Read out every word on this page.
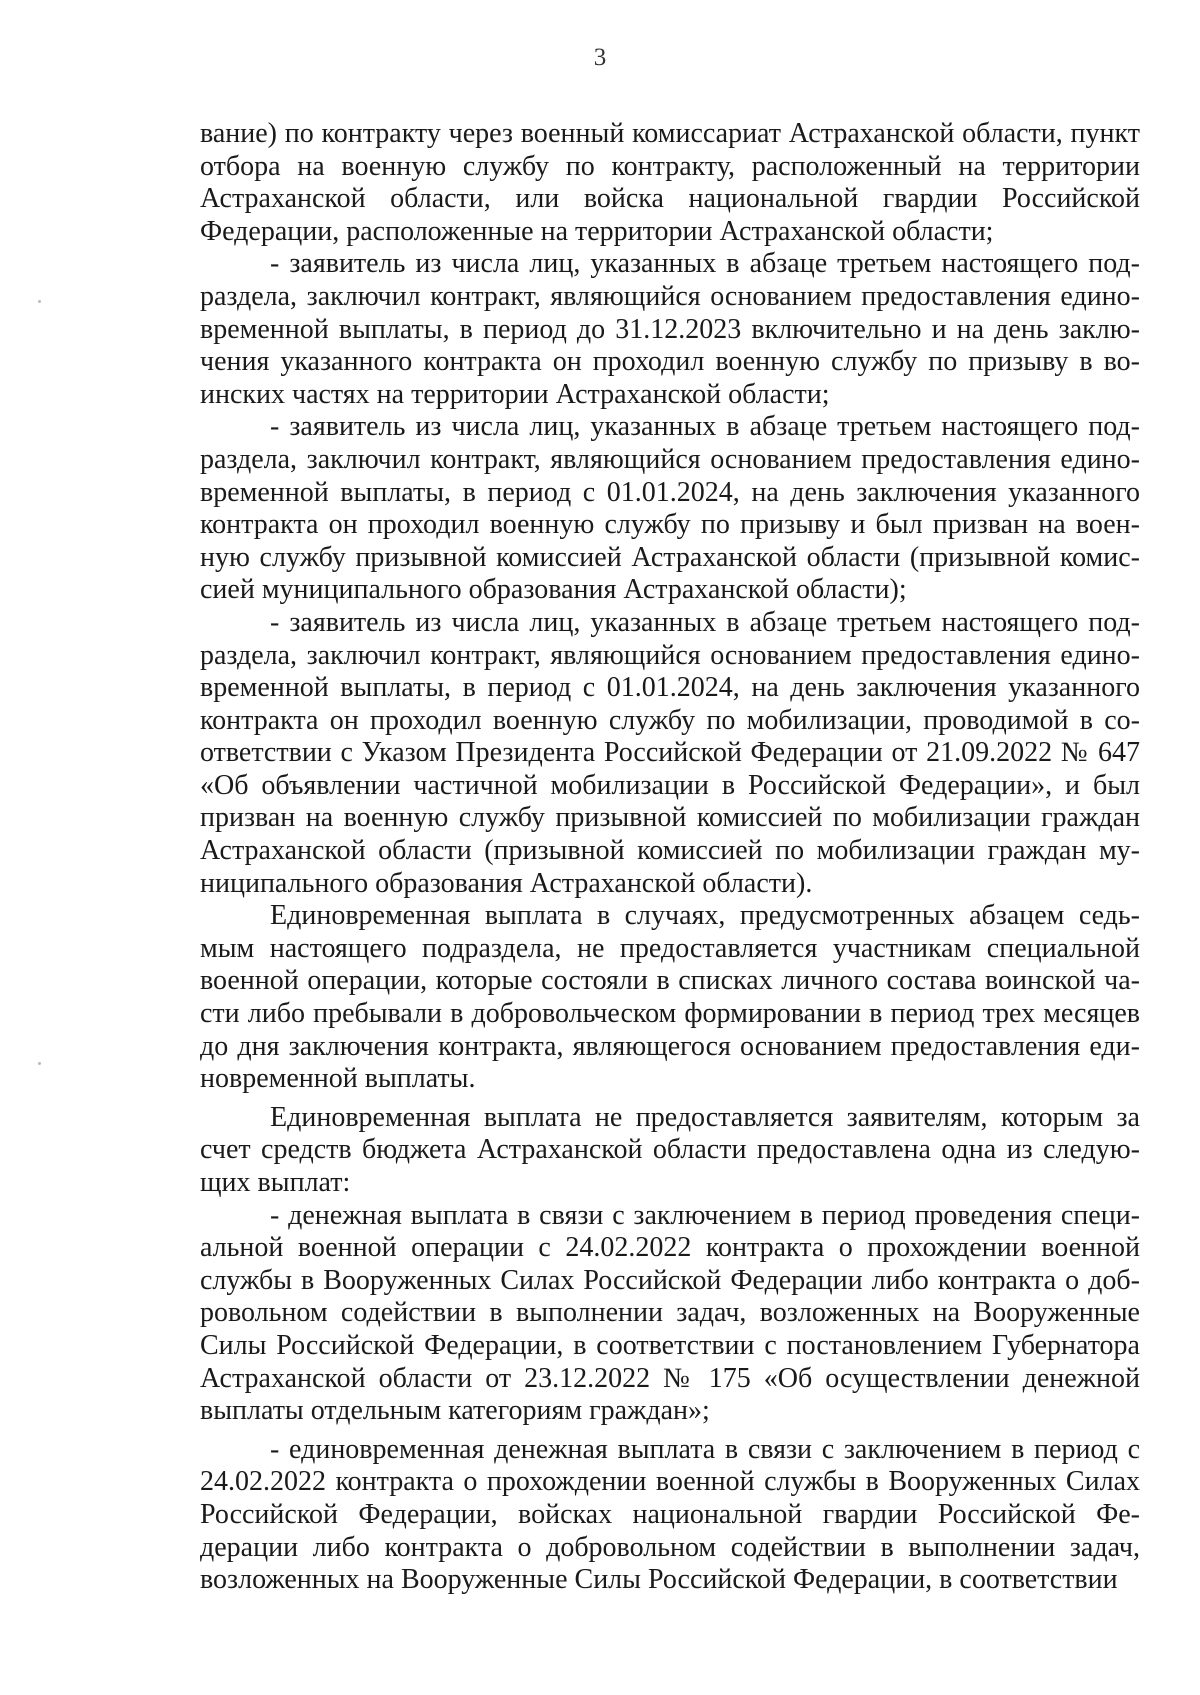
3

вание) по контракту через военный комиссариат Астраханской области, пункт отбора на военную службу по контракту, расположенный на территории Астраханской области, или войска национальной гвардии Российской Федерации, расположенные на территории Астраханской области;

- заявитель из числа лиц, указанных в абзаце третьем настоящего подраздела, заключил контракт, являющийся основанием предоставления единовременной выплаты, в период до 31.12.2023 включительно и на день заключения указанного контракта он проходил военную службу по призыву в воинских частях на территории Астраханской области;

- заявитель из числа лиц, указанных в абзаце третьем настоящего подраздела, заключил контракт, являющийся основанием предоставления единовременной выплаты, в период с 01.01.2024, на день заключения указанного контракта он проходил военную службу по призыву и был призван на военную службу призывной комиссией Астраханской области (призывной комиссией муниципального образования Астраханской области);

- заявитель из числа лиц, указанных в абзаце третьем настоящего подраздела, заключил контракт, являющийся основанием предоставления единовременной выплаты, в период с 01.01.2024, на день заключения указанного контракта он проходил военную службу по мобилизации, проводимой в соответствии с Указом Президента Российской Федерации от 21.09.2022 № 647 «Об объявлении частичной мобилизации в Российской Федерации», и был призван на военную службу призывной комиссией по мобилизации граждан Астраханской области (призывной комиссией по мобилизации граждан муниципального образования Астраханской области).

Единовременная выплата в случаях, предусмотренных абзацем седьмым настоящего подраздела, не предоставляется участникам специальной военной операции, которые состояли в списках личного состава воинской части либо пребывали в добровольческом формировании в период трех месяцев до дня заключения контракта, являющегося основанием предоставления единовременной выплаты.

Единовременная выплата не предоставляется заявителям, которым за счет средств бюджета Астраханской области предоставлена одна из следующих выплат:

- денежная выплата в связи с заключением в период проведения специальной военной операции с 24.02.2022 контракта о прохождении военной службы в Вооруженных Силах Российской Федерации либо контракта о добровольном содействии в выполнении задач, возложенных на Вооруженные Силы Российской Федерации, в соответствии с постановлением Губернатора Астраханской области от 23.12.2022 № 175 «Об осуществлении денежной выплаты отдельным категориям граждан»;

- единовременная денежная выплата в связи с заключением в период с 24.02.2022 контракта о прохождении военной службы в Вооруженных Силах Российской Федерации, войсках национальной гвардии Российской Федерации либо контракта о добровольном содействии в выполнении задач, возложенных на Вооруженные Силы Российской Федерации, в соответствии
